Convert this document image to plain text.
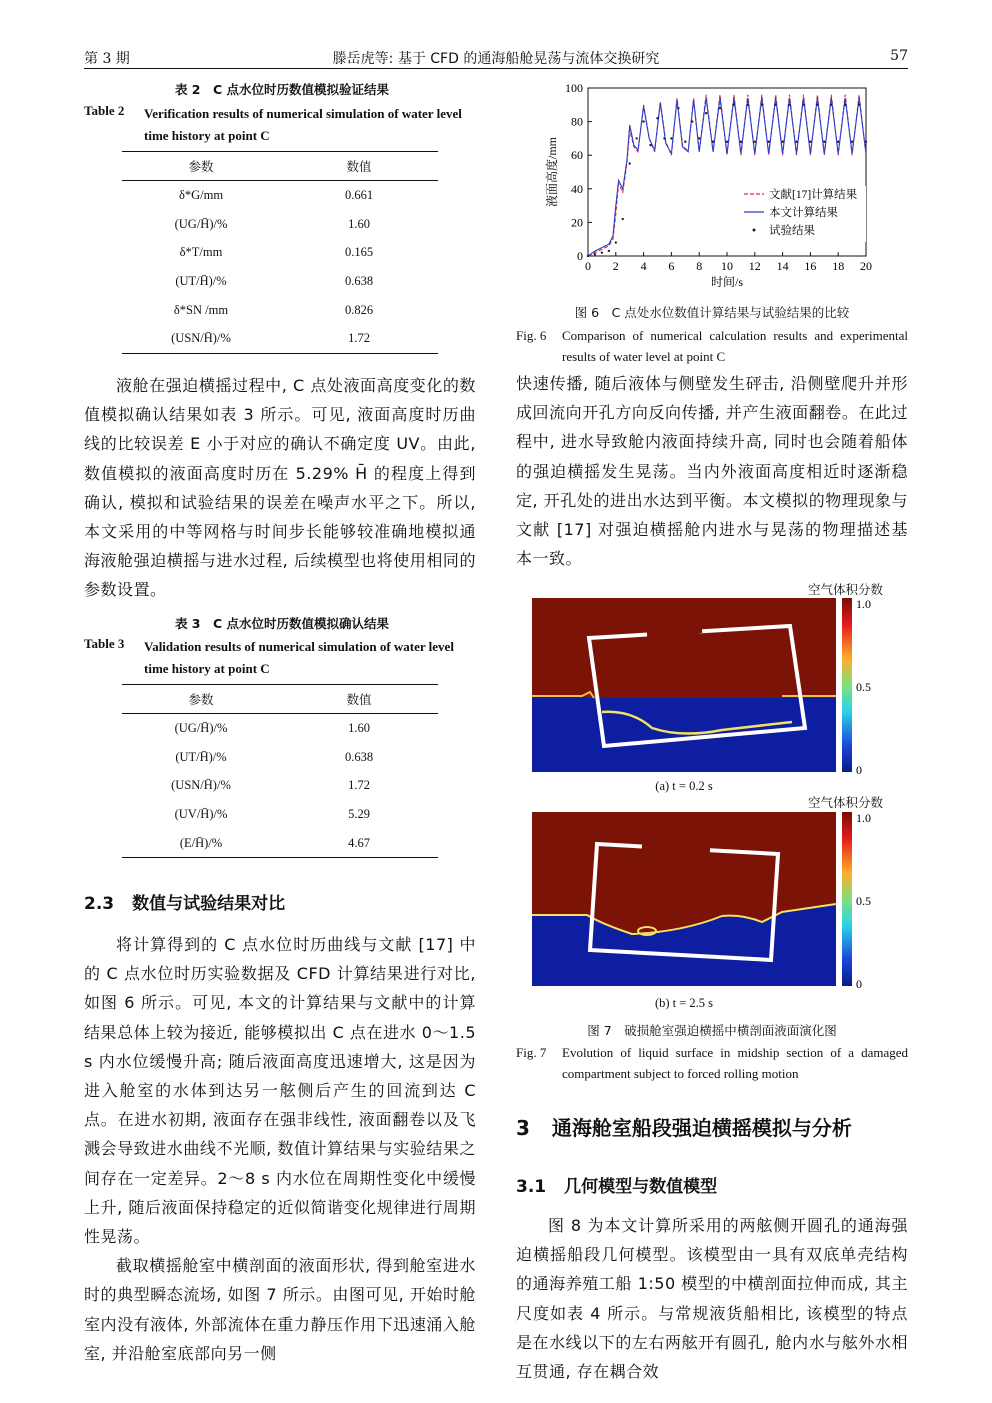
第 3 期	滕岳虎等: 基于 CFD 的通海船舱晃荡与流体交换研究	57
表 2　C 点水位时历数值模拟验证结果
Table 2 Verification results of numerical simulation of water level time history at point C
参数	数值
δ*G/mm	0.661
(UG/H̄)/%	1.60
δ*T/mm	0.165
(UT/H̄)/%	0.638
δ*SN /mm	0.826
(USN/H̄)/%	1.72

液舱在强迫横摇过程中, C 点处液面高度变化的数值模拟确认结果如表 3 所示。可见, 液面高度时历曲线的比较误差 E 小于对应的确认不确定度 UV。由此, 数值模拟的液面高度时历在 5.29% H̄ 的程度上得到确认, 模拟和试验结果的误差在噪声水平之下。所以, 本文采用的中等网格与时间步长能够较准确地模拟通海液舱强迫横摇与进水过程, 后续模型也将使用相同的参数设置。

表 3　C 点水位时历数值模拟确认结果
Table 3 Validation results of numerical simulation of water level time history at point C
参数	数值
(UG/H̄)/%	1.60
(UT/H̄)/%	0.638
(USN/H̄)/%	1.72
(UV/H̄)/%	5.29
(E/H̄)/%	4.67
2.3 数值与试验结果对比

将计算得到的 C 点水位时历曲线与文献 [17] 中的 C 点水位时历实验数据及 CFD 计算结果进行对比, 如图 6 所示。可见, 本文的计算结果与文献中的计算结果总体上较为接近, 能够模拟出 C 点在进水 0～1.5 s 内水位缓慢升高; 随后液面高度迅速增大, 这是因为进入舱室的水体到达另一舷侧后产生的回流到达 C 点。在进水初期, 液面存在强非线性, 液面翻卷以及飞溅会导致进水曲线不光顺, 数值计算结果与实验结果之间存在一定差异。2～8 s 内水位在周期性变化中缓慢上升, 随后液面保持稳定的近似简谐变化规律进行周期性晃荡。

截取横摇舱室中横剖面的液面形状, 得到舱室进水时的典型瞬态流场, 如图 7 所示。由图可见, 开始时舱室内没有液体, 外部流体在重力静压作用下迅速涌入舱室, 并沿舱室底部向另一侧

0 2 4 6 8 10 12 14 16 18 20
0
20
40
60
80
100
时间/s
液面高度/mm	文献[17]计算结果
本文计算结果
试验结果
图 6　C 点处水位数值计算结果与试验结果的比较
Fig. 6 Comparison of numerical calculation results and experimental results of water level at point C

快速传播, 随后液体与侧壁发生砰击, 沿侧壁爬升并形成回流向开孔方向反向传播, 并产生液面翻卷。在此过程中, 进水导致舱内液面持续升高, 同时也会随着船体的强迫横摇发生晃荡。当内外液面高度相近时逐渐稳定, 开孔处的进出水达到平衡。本文模拟的物理现象与文献 [17] 对强迫横摇舱内进水与晃荡的物理描述基本一致。

空气体积分数
1.0
0.5
0
(a) t = 0.2 s
空气体积分数
1.0
0.5
0
(b) t = 2.5 s
图 7　破损舱室强迫横摇中横剖面液面演化图
Fig. 7 Evolution of liquid surface in midship section of a damaged compartment subject to forced rolling motion
3 通海舱室船段强迫横摇模拟与分析
3.1 几何模型与数值模型

图 8 为本文计算所采用的两舷侧开圆孔的通海强迫横摇船段几何模型。该模型由一具有双底单壳结构的通海养殖工船 1:50 模型的中横剖面拉伸而成, 其主尺度如表 4 所示。与常规液货船相比, 该模型的特点是在水线以下的左右两舷开有圆孔, 舱内水与舷外水相互贯通, 存在耦合效
